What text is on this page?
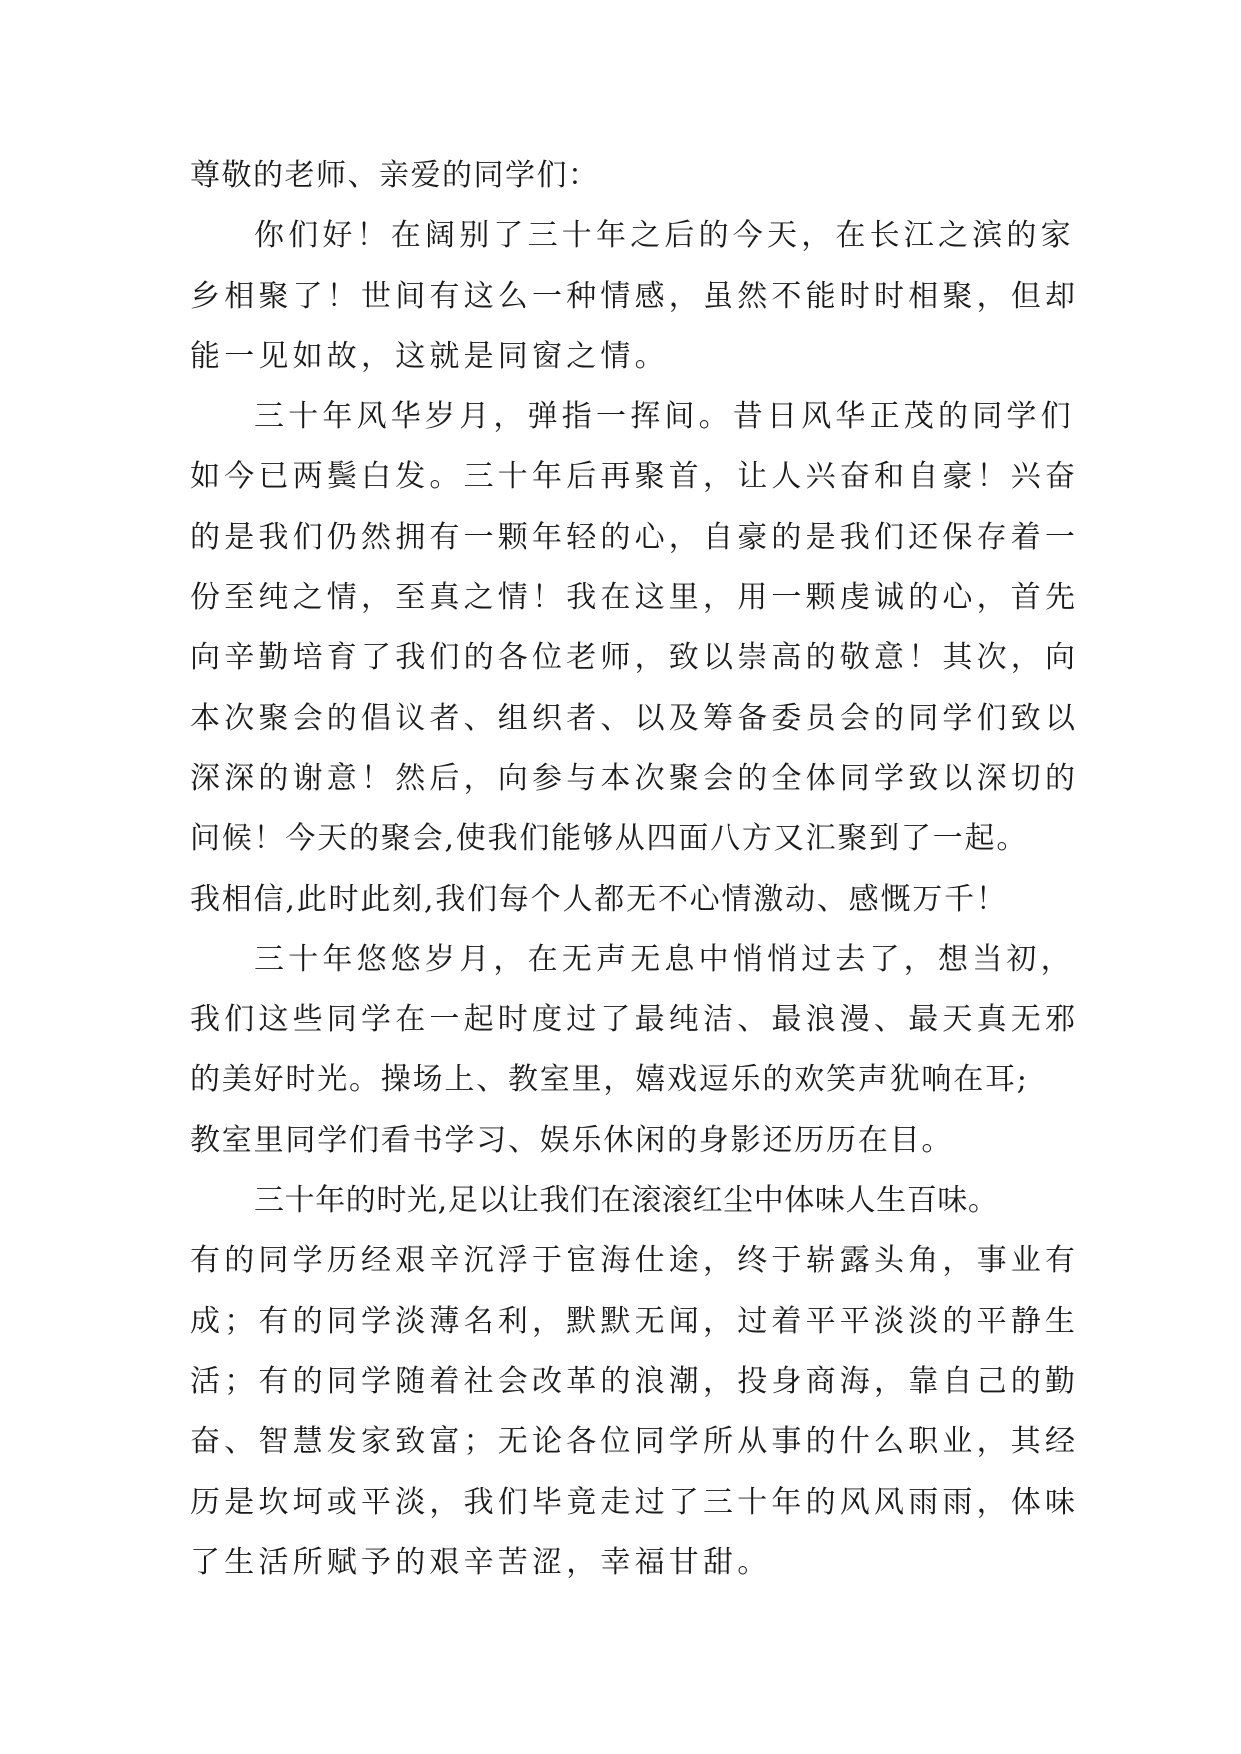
尊敬的老师、亲爱的同学们：
你们好！在阔别了三十年之后的今天，在长江之滨的家
乡相聚了！世间有这么一种情感，虽然不能时时相聚，但却
能一见如故，这就是同窗之情。
三十年风华岁月，弹指一挥间。昔日风华正茂的同学们
如今已两鬓白发。三十年后再聚首，让人兴奋和自豪！兴奋
的是我们仍然拥有一颗年轻的心，自豪的是我们还保存着一
份至纯之情，至真之情！我在这里，用一颗虔诚的心，首先
向辛勤培育了我们的各位老师，致以崇高的敬意！其次，向
本次聚会的倡议者、组织者、以及筹备委员会的同学们致以
深深的谢意！然后，向参与本次聚会的全体同学致以深切的
问候！今天的聚会,使我们能够从四面八方又汇聚到了一起。
我相信,此时此刻,我们每个人都无不心情激动、感慨万千！
三十年悠悠岁月，在无声无息中悄悄过去了，想当初，
我们这些同学在一起时度过了最纯洁、最浪漫、最天真无邪
的美好时光。操场上、教室里，嬉戏逗乐的欢笑声犹响在耳;
教室里同学们看书学习、娱乐休闲的身影还历历在目。
三十年的时光,足以让我们在滚滚红尘中体味人生百味。
有的同学历经艰辛沉浮于宦海仕途，终于崭露头角，事业有
成；有的同学淡薄名利，默默无闻，过着平平淡淡的平静生
活；有的同学随着社会改革的浪潮，投身商海，靠自己的勤
奋、智慧发家致富；无论各位同学所从事的什么职业，其经
历是坎坷或平淡，我们毕竟走过了三十年的风风雨雨，体味
了生活所赋予的艰辛苦涩，幸福甘甜。
